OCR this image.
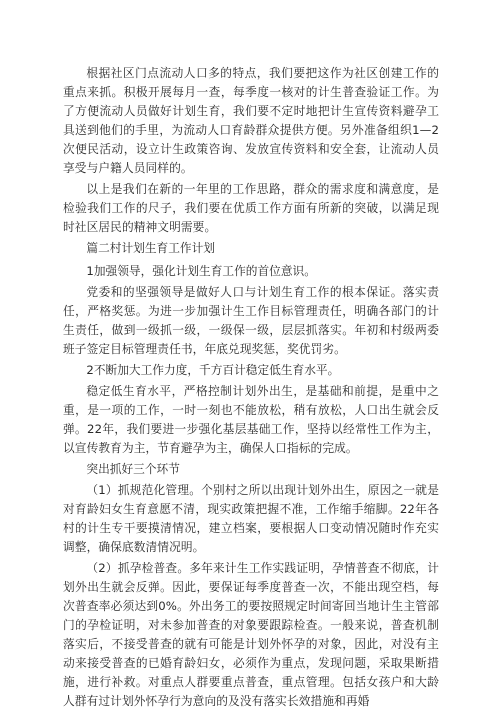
根据社区门点流动人口多的特点，我们要把这作为社区创建工作的重点来抓。积极开展每月一查，每季度一核对的计生普查验证工作。为了方便流动人员做好计划生育，我们要不定时地把计生宣传资料避孕工具送到他们的手里，为流动人口育龄群众提供方便。另外准备组织1—2次便民活动，设立计生政策咨询、发放宣传资料和安全套，让流动人员享受与户籍人员同样的。

以上是我们在新的一年里的工作思路，群众的需求度和满意度，是检验我们工作的尺子，我们要在优质工作方面有所新的突破，以满足现时社区居民的精神文明需要。

篇二村计划生育工作计划

1加强领导，强化计划生育工作的首位意识。

党委和的坚强领导是做好人口与计划生育工作的根本保证。落实责任，严格奖惩。为进一步加强计生工作目标管理责任，明确各部门的计生责任，做到一级抓一级，一级保一级，层层抓落实。年初和村级两委班子签定目标管理责任书，年底兑现奖惩，奖优罚劣。

2不断加大工作力度，千方百计稳定低生育水平。

稳定低生育水平，严格控制计划外出生，是基础和前提，是重中之重，是一项的工作，一时一刻也不能放松，稍有放松，人口出生就会反弹。22年，我们要进一步强化基层基础工作，坚持以经常性工作为主，以宣传教育为主，节育避孕为主，确保人口指标的完成。

突出抓好三个环节

（1）抓规范化管理。个别村之所以出现计划外出生，原因之一就是对育龄妇女生育意愿不清，现实政策把握不准，工作缩手缩脚。22年各村的计生专干要摸清情况，建立档案，要根据人口变动情况随时作充实调整，确保底数清情况明。

（2）抓孕检普查。多年来计生工作实践证明，孕情普查不彻底，计划外出生就会反弹。因此，要保证每季度普查一次，不能出现空档，每次普查率必须达到0%。外出务工的要按照规定时间寄回当地计生主管部门的孕检证明，对未参加普查的对象要跟踪检查。一般来说，普查机制落实后，不接受普查的就有可能是计划外怀孕的对象，因此，对没有主动来接受普查的已婚育龄妇女，必须作为重点，发现问题，采取果断措施，进行补救。对重点人群要重点普查，重点管理。包括女孩户和大龄人群有过计划外怀孕行为意向的及没有落实长效措施和再婚
